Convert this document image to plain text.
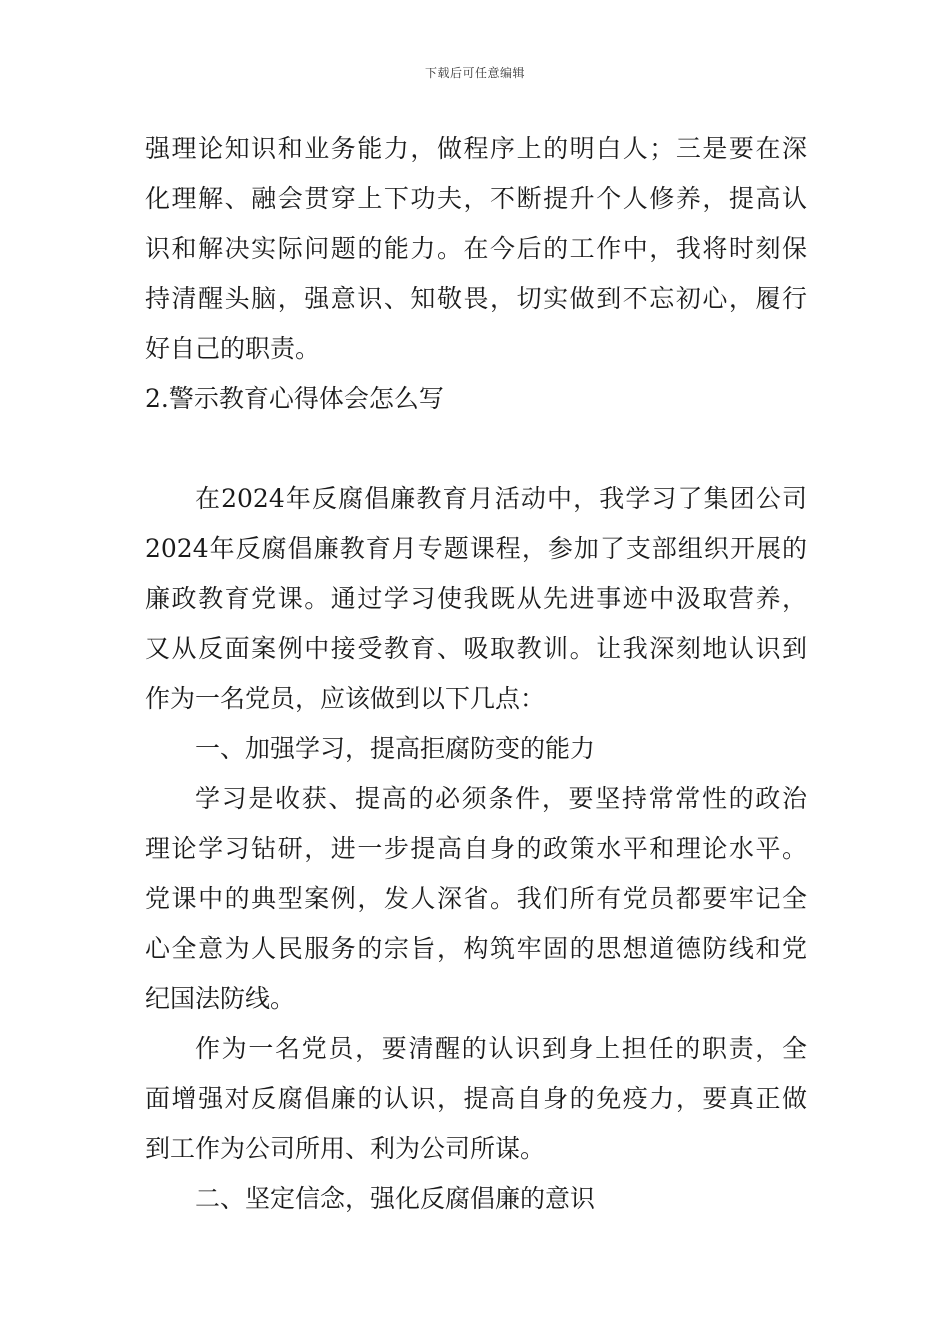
下载后可任意编辑
强理论知识和业务能力，做程序上的明白人；三是要在深
化理解、融会贯穿上下功夫，不断提升个人修养，提高认
识和解决实际问题的能力。在今后的工作中，我将时刻保
持清醒头脑，强意识、知敬畏，切实做到不忘初心，履行
好自己的职责。
2.警示教育心得体会怎么写
在2024年反腐倡廉教育月活动中，我学习了集团公司
2024年反腐倡廉教育月专题课程，参加了支部组织开展的
廉政教育党课。通过学习使我既从先进事迹中汲取营养，
又从反面案例中接受教育、吸取教训。让我深刻地认识到
作为一名党员，应该做到以下几点：
一、加强学习，提高拒腐防变的能力
学习是收获、提高的必须条件，要坚持常常性的政治
理论学习钻研，进一步提高自身的政策水平和理论水平。
党课中的典型案例，发人深省。我们所有党员都要牢记全
心全意为人民服务的宗旨，构筑牢固的思想道德防线和党
纪国法防线。
作为一名党员，要清醒的认识到身上担任的职责，全
面增强对反腐倡廉的认识，提高自身的免疫力，要真正做
到工作为公司所用、利为公司所谋。
二、坚定信念，强化反腐倡廉的意识
